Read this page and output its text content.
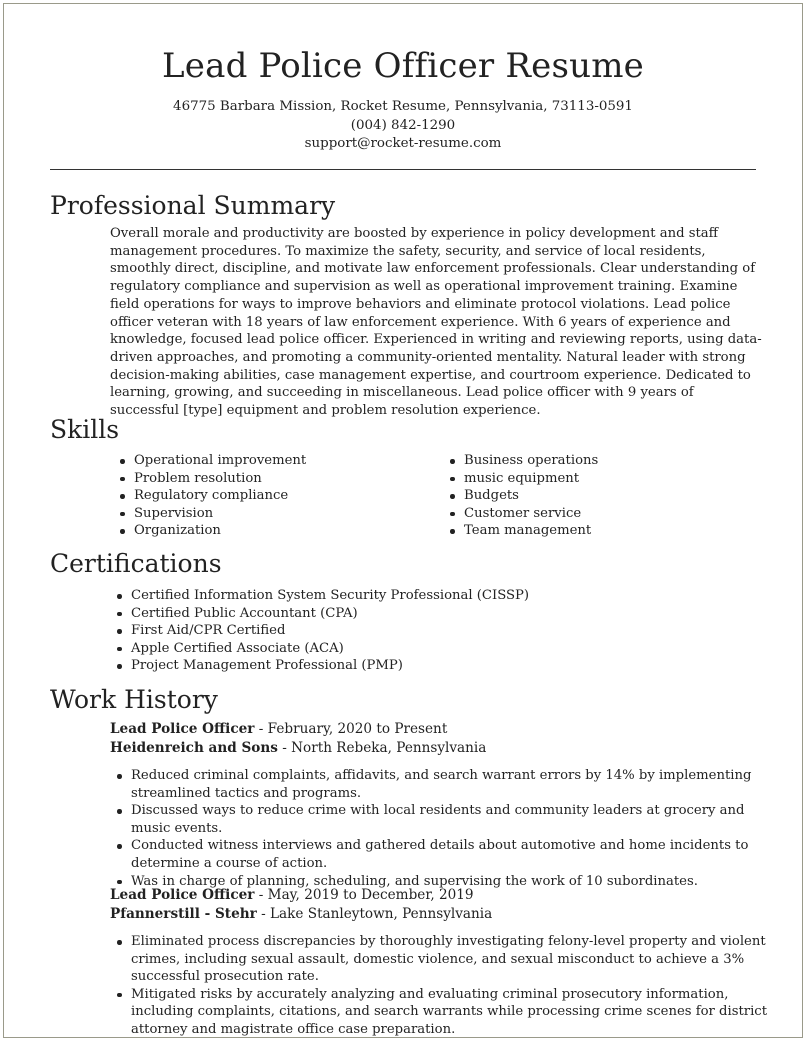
Lead Police Officer Resume
46775 Barbara Mission, Rocket Resume, Pennsylvania, 73113-0591
(004) 842-1290
support@rocket-resume.com
Professional Summary
Overall morale and productivity are boosted by experience in policy development and staff management procedures. To maximize the safety, security, and service of local residents, smoothly direct, discipline, and motivate law enforcement professionals. Clear understanding of regulatory compliance and supervision as well as operational improvement training. Examine field operations for ways to improve behaviors and eliminate protocol violations. Lead police officer veteran with 18 years of law enforcement experience. With 6 years of experience and knowledge, focused lead police officer. Experienced in writing and reviewing reports, using data-driven approaches, and promoting a community-oriented mentality. Natural leader with strong decision-making abilities, case management expertise, and courtroom experience. Dedicated to learning, growing, and succeeding in miscellaneous. Lead police officer with 9 years of successful [type] equipment and problem resolution experience.
Skills
Operational improvement
Problem resolution
Regulatory compliance
Supervision
Organization
Business operations
music equipment
Budgets
Customer service
Team management
Certifications
Certified Information System Security Professional (CISSP)
Certified Public Accountant (CPA)
First Aid/CPR Certified
Apple Certified Associate (ACA)
Project Management Professional (PMP)
Work History
Lead Police Officer - February, 2020 to Present
Heidenreich and Sons - North Rebeka, Pennsylvania
Reduced criminal complaints, affidavits, and search warrant errors by 14% by implementing streamlined tactics and programs.
Discussed ways to reduce crime with local residents and community leaders at grocery and music events.
Conducted witness interviews and gathered details about automotive and home incidents to determine a course of action.
Was in charge of planning, scheduling, and supervising the work of 10 subordinates.
Lead Police Officer - May, 2019 to December, 2019
Pfannerstill - Stehr - Lake Stanleytown, Pennsylvania
Eliminated process discrepancies by thoroughly investigating felony-level property and violent crimes, including sexual assault, domestic violence, and sexual misconduct to achieve a 3% successful prosecution rate.
Mitigated risks by accurately analyzing and evaluating criminal prosecutory information, including complaints, citations, and search warrants while processing crime scenes for district attorney and magistrate office case preparation.
